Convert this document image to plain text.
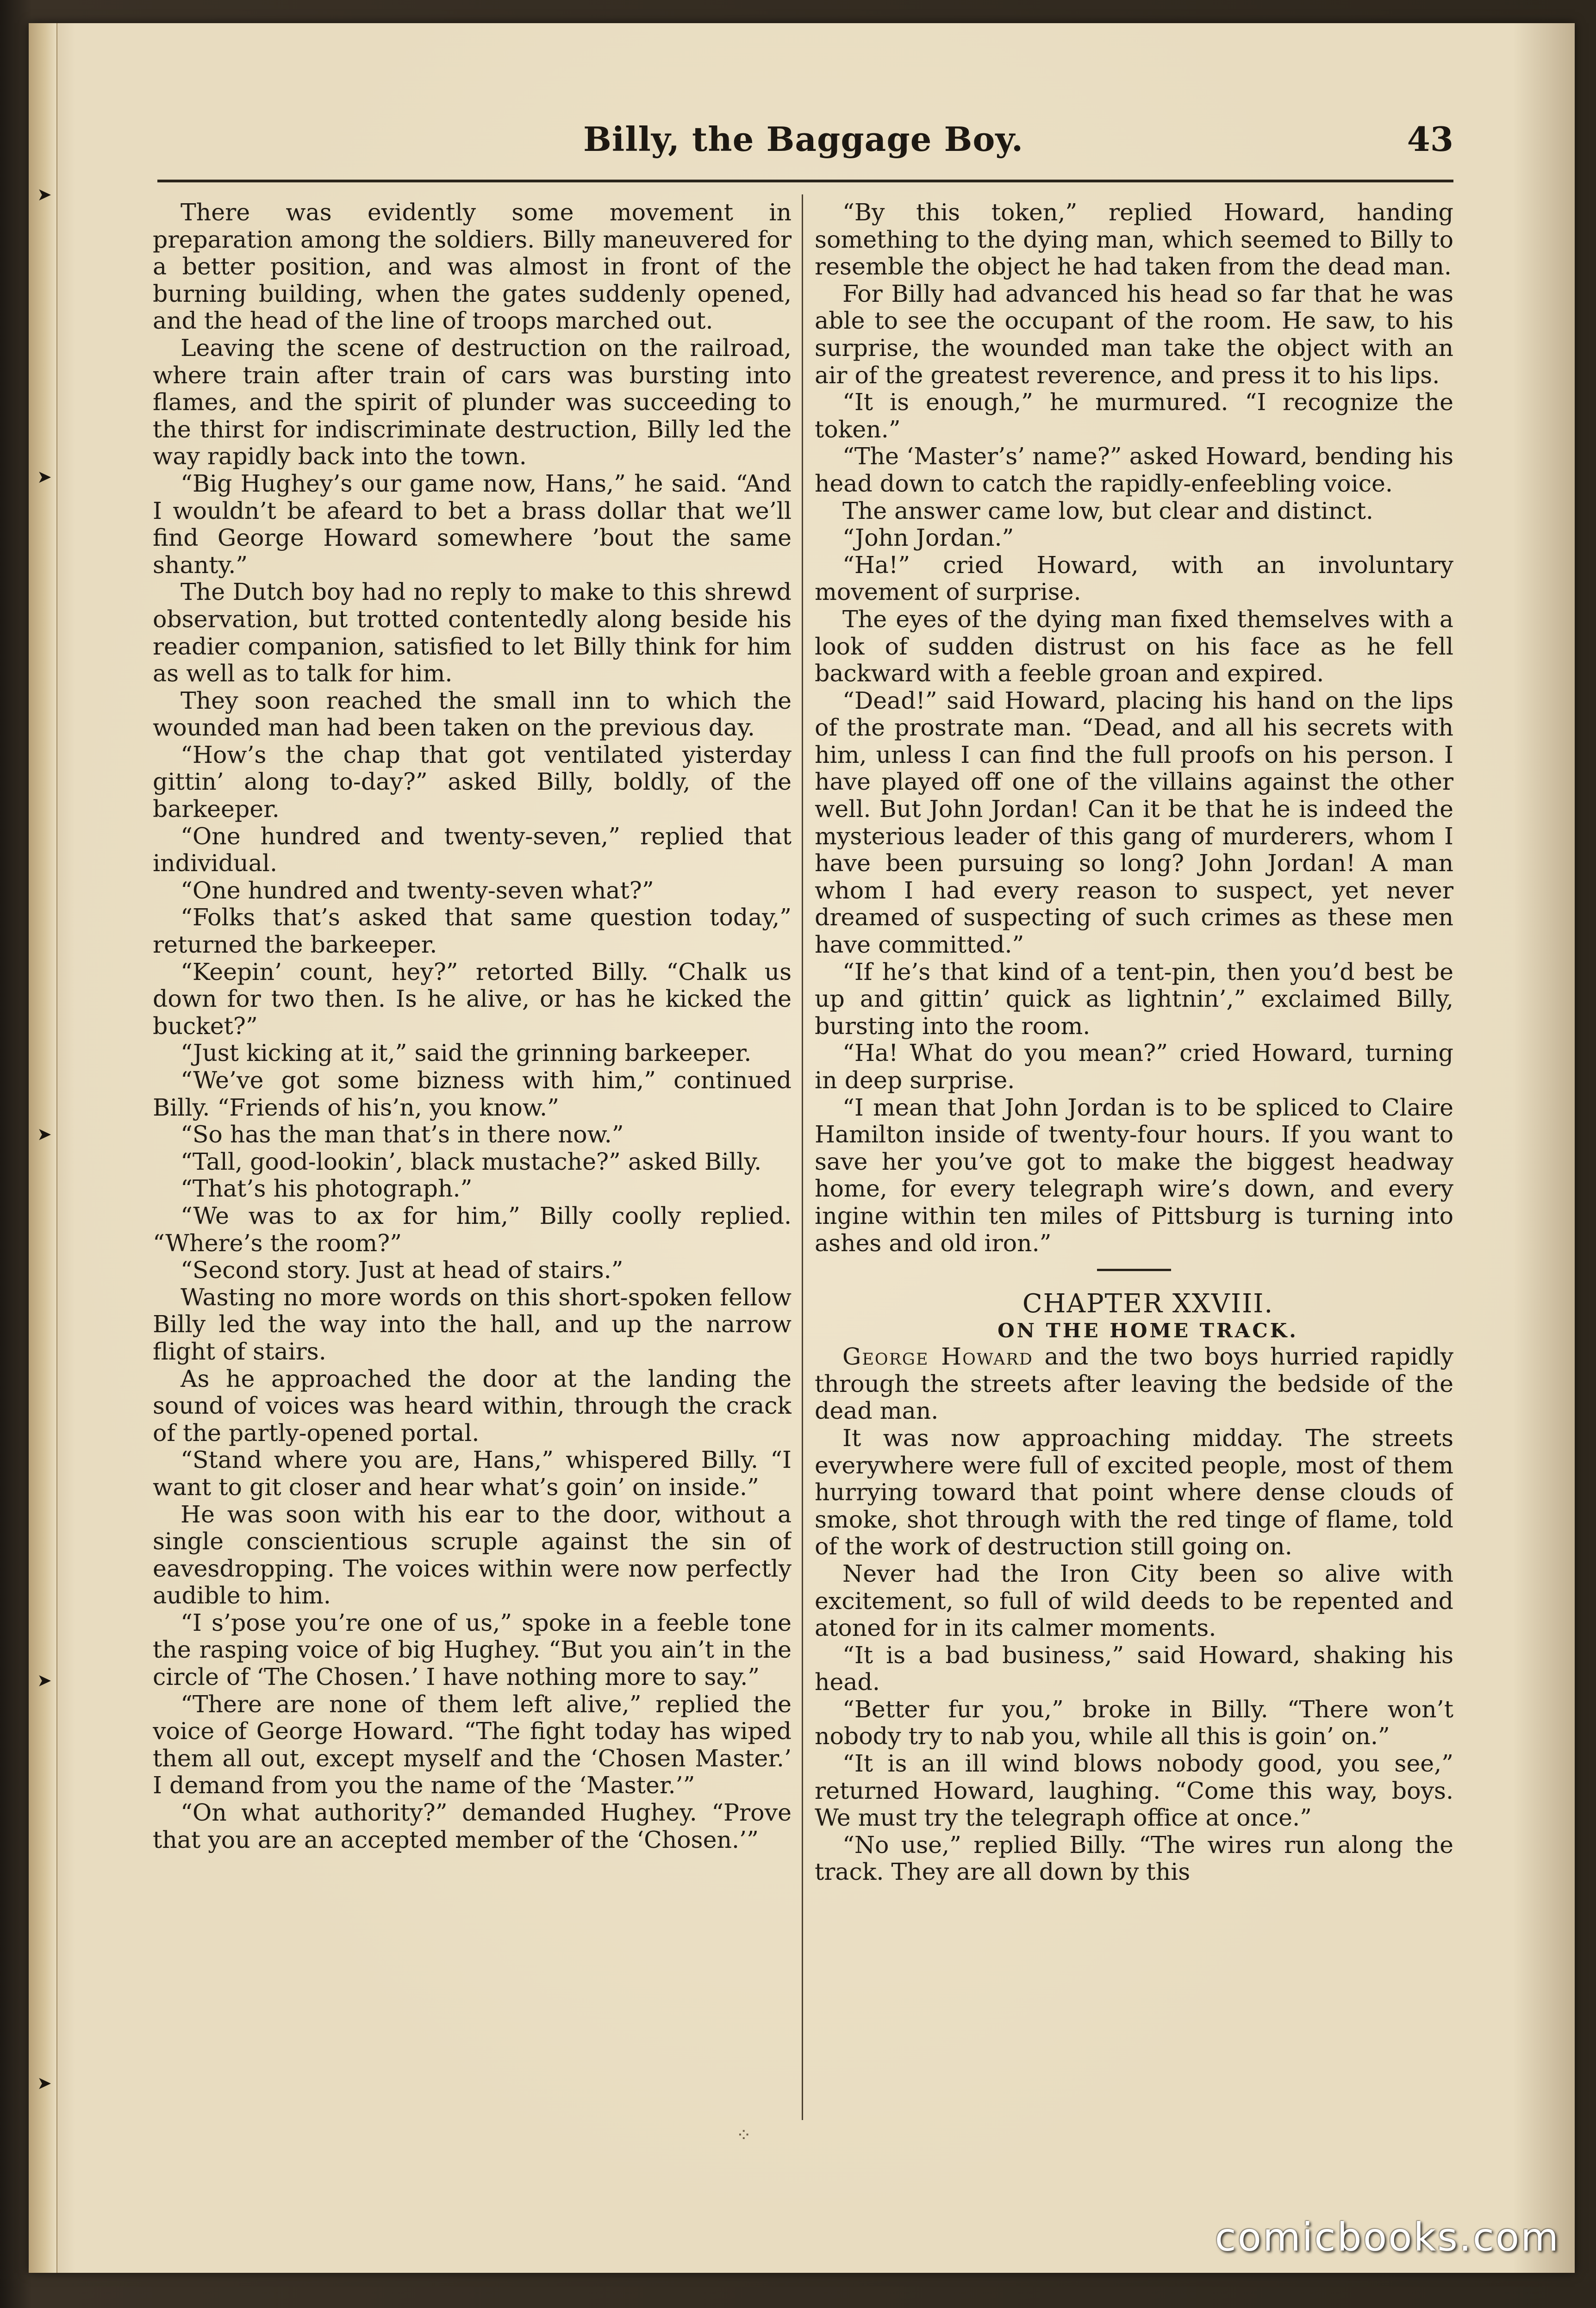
➤
➤
➤
➤
➤
Billy, the Baggage Boy.	43

There was evidently some movement in preparation among the soldiers. Billy maneuvered for a better position, and was almost in front of the burning building, when the gates suddenly opened, and the head of the line of troops marched out.

Leaving the scene of destruction on the railroad, where train after train of cars was bursting into flames, and the spirit of plunder was succeeding to the thirst for indiscriminate destruction, Billy led the way rapidly back into the town.

“Big Hughey’s our game now, Hans,” he said. “And I wouldn’t be afeard to bet a brass dollar that we’ll find George Howard somewhere ’bout the same shanty.”

The Dutch boy had no reply to make to this shrewd observation, but trotted contentedly along beside his readier companion, satisfied to let Billy think for him as well as to talk for him.

They soon reached the small inn to which the wounded man had been taken on the previous day.

“How’s the chap that got ventilated yisterday gittin’ along to-day?” asked Billy, boldly, of the barkeeper.

“One hundred and twenty-seven,” replied that individual.

“One hundred and twenty-seven what?”

“Folks that’s asked that same question today,” returned the barkeeper.

“Keepin’ count, hey?” retorted Billy. “Chalk us down for two then. Is he alive, or has he kicked the bucket?”

“Just kicking at it,” said the grinning barkeeper.

“We’ve got some bizness with him,” continued Billy. “Friends of his’n, you know.”

“So has the man that’s in there now.”

“Tall, good-lookin’, black mustache?” asked Billy.

“That’s his photograph.”

“We was to ax for him,” Billy coolly replied. “Where’s the room?”

“Second story. Just at head of stairs.”

Wasting no more words on this short-spoken fellow Billy led the way into the hall, and up the narrow flight of stairs.

As he approached the door at the landing the sound of voices was heard within, through the crack of the partly-opened portal.

“Stand where you are, Hans,” whispered Billy. “I want to git closer and hear what’s goin’ on inside.”

He was soon with his ear to the door, without a single conscientious scruple against the sin of eavesdropping. The voices within were now perfectly audible to him.

“I s’pose you’re one of us,” spoke in a feeble tone the rasping voice of big Hughey. “But you ain’t in the circle of ‘The Chosen.’ I have nothing more to say.”

“There are none of them left alive,” replied the voice of George Howard. “The fight today has wiped them all out, except myself and the ‘Chosen Master.’ I demand from you the name of the ‘Master.’”

“On what authority?” demanded Hughey. “Prove that you are an accepted member of the ‘Chosen.’”

“By this token,” replied Howard, handing something to the dying man, which seemed to Billy to resemble the object he had taken from the dead man.

For Billy had advanced his head so far that he was able to see the occupant of the room. He saw, to his surprise, the wounded man take the object with an air of the greatest reverence, and press it to his lips.

“It is enough,” he murmured. “I recognize the token.”

“The ‘Master’s’ name?” asked Howard, bending his head down to catch the rapidly-enfeebling voice.

The answer came low, but clear and distinct.

“John Jordan.”

“Ha!” cried Howard, with an involuntary movement of surprise.

The eyes of the dying man fixed themselves with a look of sudden distrust on his face as he fell backward with a feeble groan and expired.

“Dead!” said Howard, placing his hand on the lips of the prostrate man. “Dead, and all his secrets with him, unless I can find the full proofs on his person. I have played off one of the villains against the other well. But John Jordan! Can it be that he is indeed the mysterious leader of this gang of murderers, whom I have been pursuing so long? John Jordan! A man whom I had every reason to suspect, yet never dreamed of suspecting of such crimes as these men have committed.”

“If he’s that kind of a tent-pin, then you’d best be up and gittin’ quick as lightnin’,” exclaimed Billy, bursting into the room.

“Ha! What do you mean?” cried Howard, turning in deep surprise.

“I mean that John Jordan is to be spliced to Claire Hamilton inside of twenty-four hours. If you want to save her you’ve got to make the biggest headway home, for every telegraph wire’s down, and every ingine within ten miles of Pittsburg is turning into ashes and old iron.”

CHAPTER XXVIII.

ON THE HOME TRACK.

George Howard and the two boys hurried rapidly through the streets after leaving the bedside of the dead man.

It was now approaching midday. The streets everywhere were full of excited people, most of them hurrying toward that point where dense clouds of smoke, shot through with the red tinge of flame, told of the work of destruction still going on.

Never had the Iron City been so alive with excitement, so full of wild deeds to be repented and atoned for in its calmer moments.

“It is a bad business,” said Howard, shaking his head.

“Better fur you,” broke in Billy. “There won’t nobody try to nab you, while all this is goin’ on.”

“It is an ill wind blows nobody good, you see,” returned Howard, laughing. “Come this way, boys. We must try the telegraph office at once.”

“No use,” replied Billy. “The wires run along the track. They are all down by this

⁘
comicbooks.com
